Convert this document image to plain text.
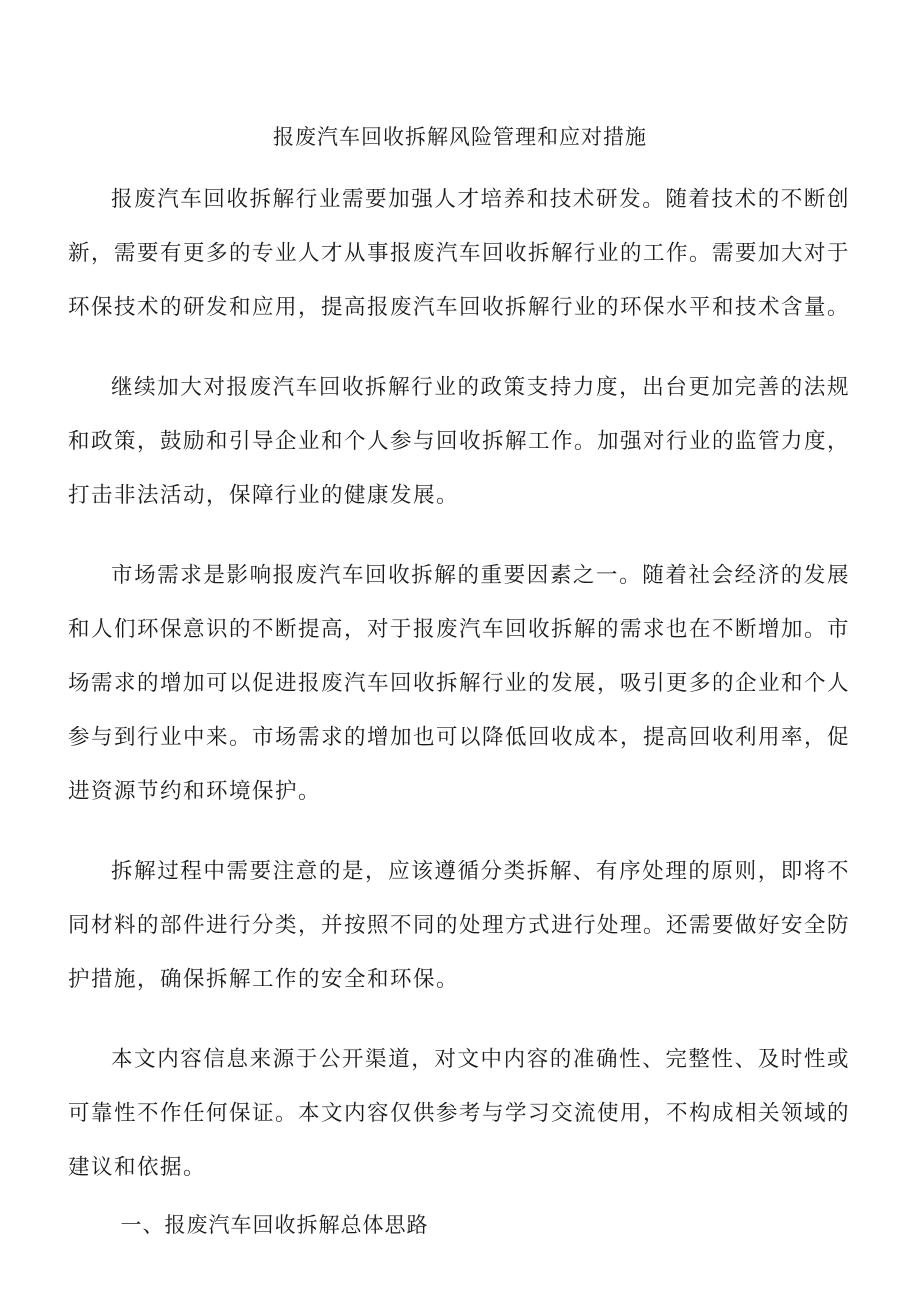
报废汽车回收拆解风险管理和应对措施

报废汽车回收拆解行业需要加强人才培养和技术研发。随着技术的不断创新，需要有更多的专业人才从事报废汽车回收拆解行业的工作。需要加大对于环保技术的研发和应用，提高报废汽车回收拆解行业的环保水平和技术含量。

继续加大对报废汽车回收拆解行业的政策支持力度，出台更加完善的法规和政策，鼓励和引导企业和个人参与回收拆解工作。加强对行业的监管力度，打击非法活动，保障行业的健康发展。

市场需求是影响报废汽车回收拆解的重要因素之一。随着社会经济的发展和人们环保意识的不断提高，对于报废汽车回收拆解的需求也在不断增加。市场需求的增加可以促进报废汽车回收拆解行业的发展，吸引更多的企业和个人参与到行业中来。市场需求的增加也可以降低回收成本，提高回收利用率，促进资源节约和环境保护。

拆解过程中需要注意的是，应该遵循分类拆解、有序处理的原则，即将不同材料的部件进行分类，并按照不同的处理方式进行处理。还需要做好安全防护措施，确保拆解工作的安全和环保。

本文内容信息来源于公开渠道，对文中内容的准确性、完整性、及时性或可靠性不作任何保证。本文内容仅供参考与学习交流使用，不构成相关领域的建议和依据。

一、报废汽车回收拆解总体思路
